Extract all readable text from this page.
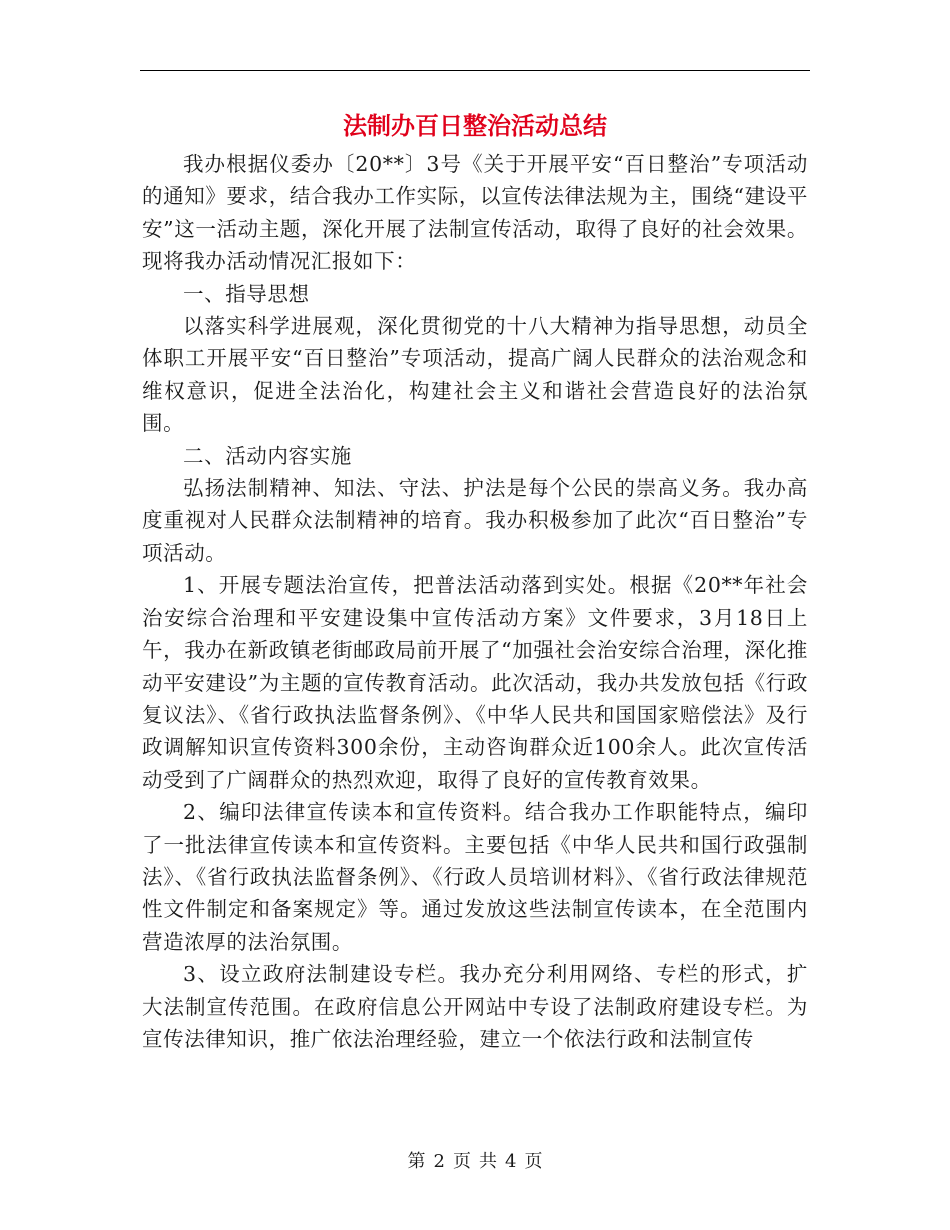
法制办百日整治活动总结

我办根据仪委办〔20**〕3号《关于开展平安“百日整治”专项活动的通知》要求，结合我办工作实际，以宣传法律法规为主，围绕“建设平安”这一活动主题，深化开展了法制宣传活动，取得了良好的社会效果。现将我办活动情况汇报如下：

一、指导思想

以落实科学进展观，深化贯彻党的十八大精神为指导思想，动员全体职工开展平安“百日整治”专项活动，提高广阔人民群众的法治观念和维权意识，促进全法治化，构建社会主义和谐社会营造良好的法治氛围。

二、活动内容实施

弘扬法制精神、知法、守法、护法是每个公民的崇高义务。我办高度重视对人民群众法制精神的培育。我办积极参加了此次“百日整治”专项活动。

1、开展专题法治宣传，把普法活动落到实处。根据《20**年社会治安综合治理和平安建设集中宣传活动方案》文件要求，3月18日上午，我办在新政镇老街邮政局前开展了“加强社会治安综合治理，深化推动平安建设”为主题的宣传教育活动。此次活动，我办共发放包括《行政复议法》、《省行政执法监督条例》、《中华人民共和国国家赔偿法》及行政调解知识宣传资料300余份，主动咨询群众近100余人。此次宣传活动受到了广阔群众的热烈欢迎，取得了良好的宣传教育效果。

2、编印法律宣传读本和宣传资料。结合我办工作职能特点，编印了一批法律宣传读本和宣传资料。主要包括《中华人民共和国行政强制法》、《省行政执法监督条例》、《行政人员培训材料》、《省行政法律规范性文件制定和备案规定》等。通过发放这些法制宣传读本，在全范围内营造浓厚的法治氛围。

3、设立政府法制建设专栏。我办充分利用网络、专栏的形式，扩大法制宣传范围。在政府信息公开网站中专设了法制政府建设专栏。为宣传法律知识，推广依法治理经验，建立一个依法行政和法制宣传

第 2 页 共 4 页
